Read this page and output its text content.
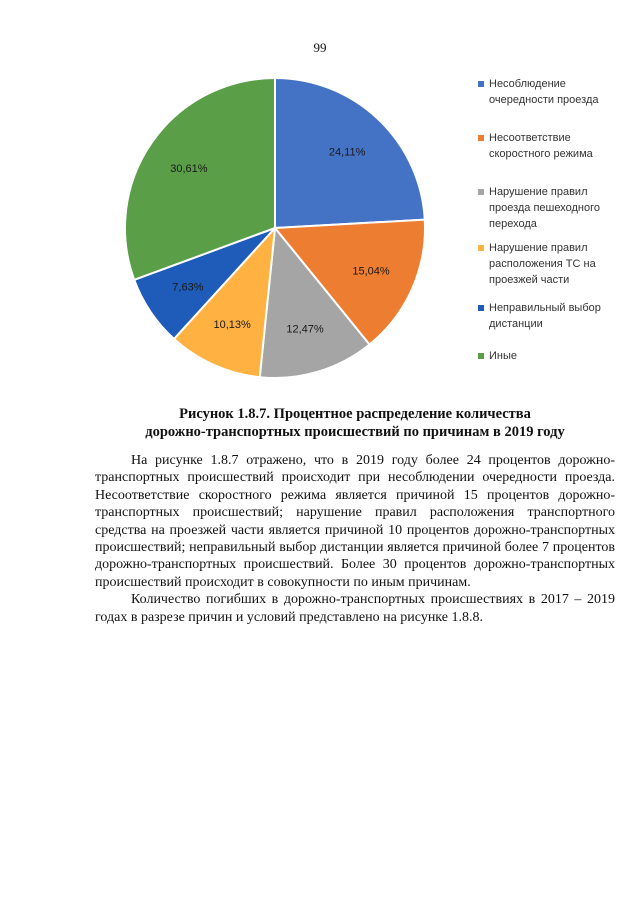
99
24,11%
15,04%
12,47%
10,13%
7,63%
30,61%
Несоблюдение
очередности проезда
Несоответствие
скоростного режима
Нарушение правил
проезда пешеходного
перехода
Нарушение правил
расположения ТС на
проезжей части
Неправильный выбор
дистанции
Иные
Рисунок 1.8.7. Процентное распределение количества
дорожно-транспортных происшествий по причинам в 2019 году

На рисунке 1.8.7 отражено, что в 2019 году более 24 процентов дорожно-транспортных происшествий происходит при несоблюдении очередности проезда. Несоответствие скоростного режима является причиной 15 процентов дорожно-транспортных происшествий; нарушение правил расположения транспортного средства на проезжей части является причиной 10 процентов дорожно-транспортных происшествий; неправильный выбор дистанции является причиной более 7 процентов дорожно-транспортных происшествий. Более 30 процентов дорожно-транспортных происшествий происходит в совокупности по иным причинам.

Количество погибших в дорожно-транспортных происшествиях в 2017 – 2019 годах в разрезе причин и условий представлено на рисунке 1.8.8.
